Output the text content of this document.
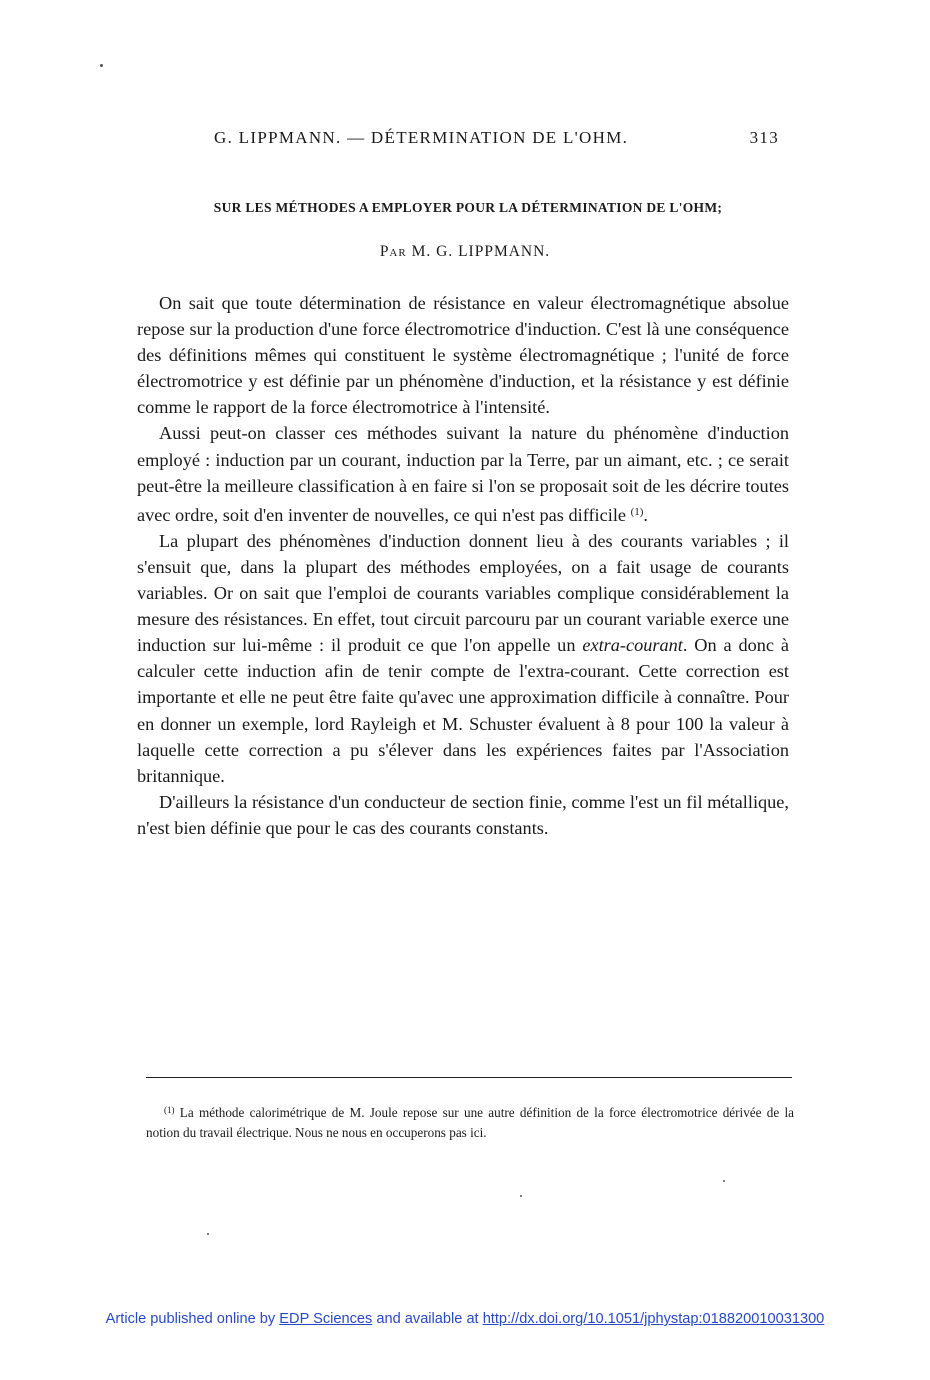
G. LIPPMANN. — DÉTERMINATION DE L'OHM.	313
SUR LES MÉTHODES A EMPLOYER POUR LA DÉTERMINATION DE L'OHM;
Par M. G. LIPPMANN.

On sait que toute détermination de résistance en valeur électromagnétique absolue repose sur la production d'une force électromotrice d'induction. C'est là une conséquence des définitions mêmes qui constituent le système électromagnétique ; l'unité de force électromotrice y est définie par un phénomène d'induction, et la résistance y est définie comme le rapport de la force électromotrice à l'intensité.

Aussi peut-on classer ces méthodes suivant la nature du phénomène d'induction employé : induction par un courant, induction par la Terre, par un aimant, etc. ; ce serait peut-être la meilleure classification à en faire si l'on se proposait soit de les décrire toutes avec ordre, soit d'en inventer de nouvelles, ce qui n'est pas difficile $^{(1)}$.

La plupart des phénomènes d'induction donnent lieu à des courants variables ; il s'ensuit que, dans la plupart des méthodes employées, on a fait usage de courants variables. Or on sait que l'emploi de courants variables complique considérablement la mesure des résistances. En effet, tout circuit parcouru par un courant variable exerce une induction sur lui-même : il produit ce que l'on appelle un extra-courant. On a donc à calculer cette induction afin de tenir compte de l'extra-courant. Cette correction est importante et elle ne peut être faite qu'avec une approximation difficile à connaître. Pour en donner un exemple, lord Rayleigh et M. Schuster évaluent à 8 pour 100 la valeur à laquelle cette correction a pu s'élever dans les expériences faites par l'Association britannique.

D'ailleurs la résistance d'un conducteur de section finie, comme l'est un fil métallique, n'est bien définie que pour le cas des courants constants.

$^{(1)}$ La méthode calorimétrique de M. Joule repose sur une autre définition de la force électromotrice dérivée de la notion du travail électrique. Nous ne nous en occuperons pas ici.
Article published online by EDP Sciences and available at http://dx.doi.org/10.1051/jphystap:018820010031300
